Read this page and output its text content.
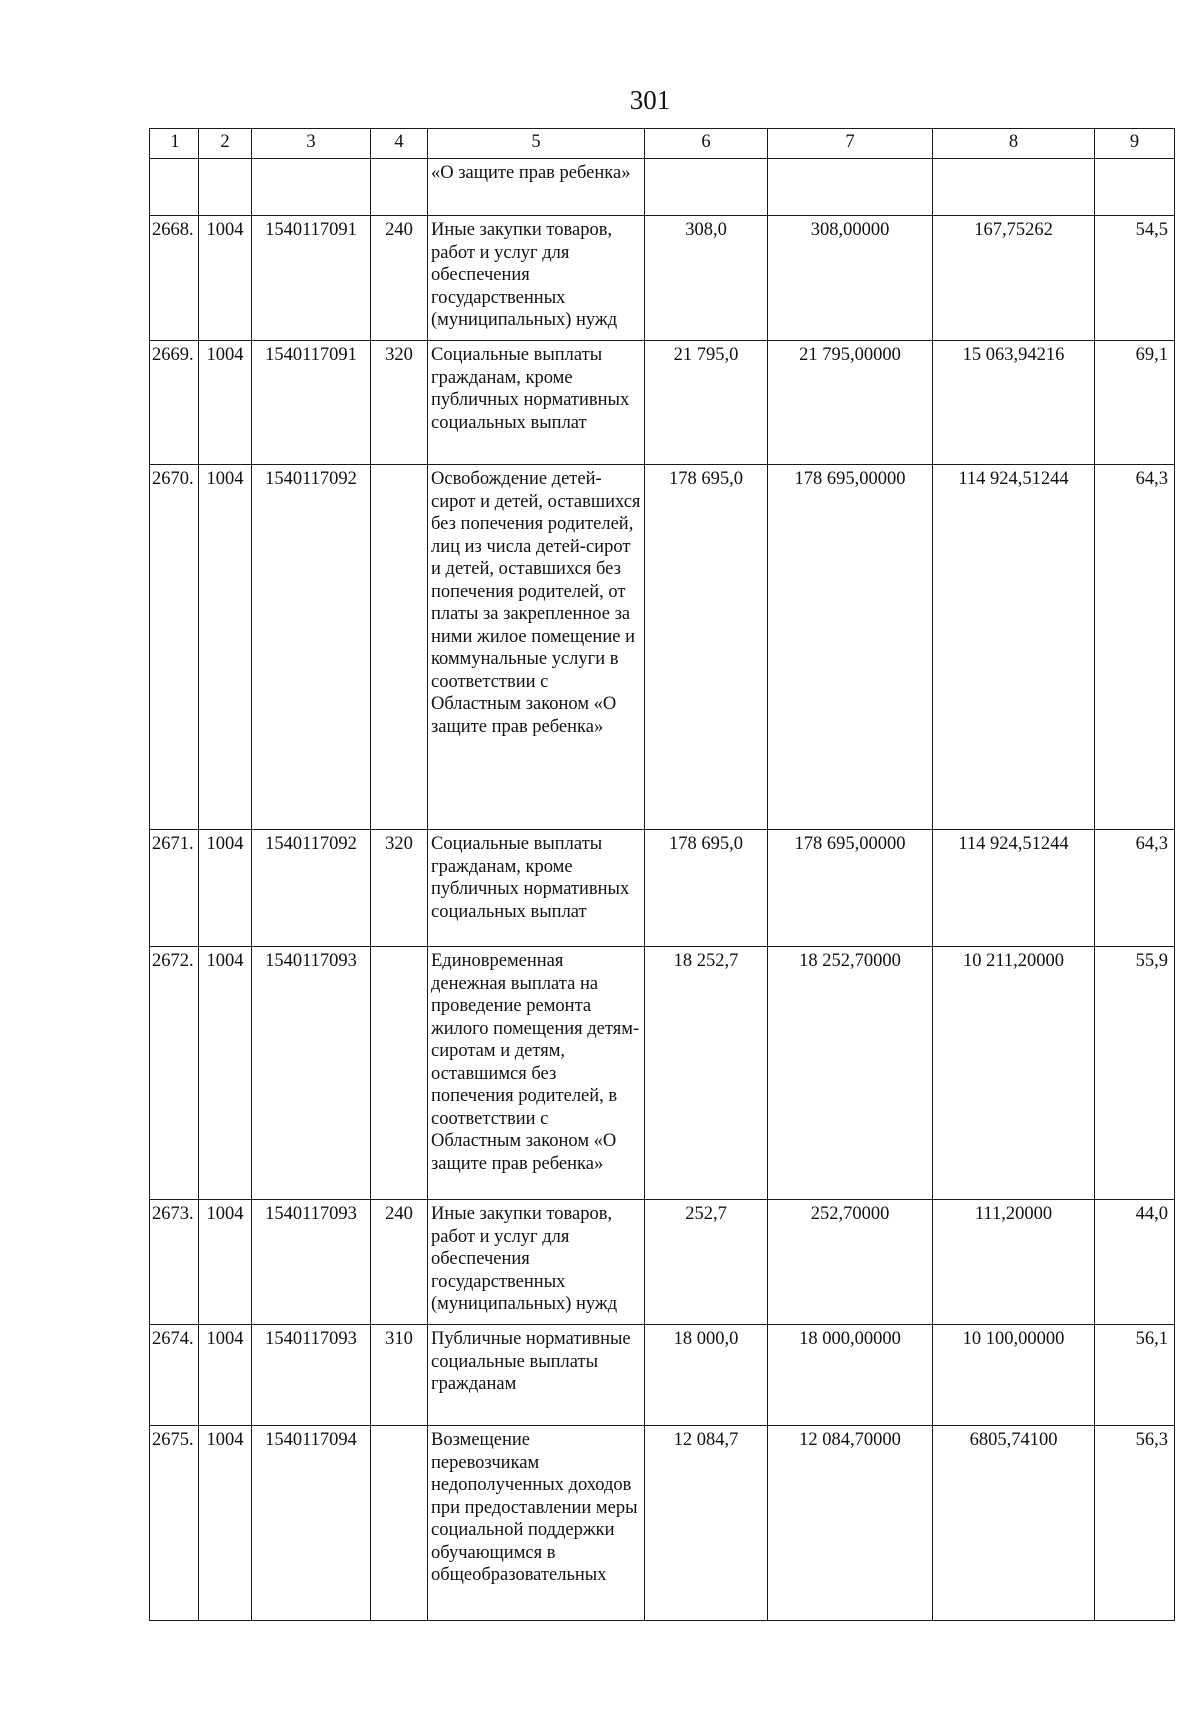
301
1	2	3	4	5	6	7	8	9
				«О защите прав ребенка»				
2668.	1004	1540117091	240	Иные закупки товаров, работ и услуг для обеспечения государственных (муниципальных) нужд	308,0	308,00000	167,75262	54,5
2669.	1004	1540117091	320	Социальные выплаты гражданам, кроме публичных нормативных социальных выплат	21 795,0	21 795,00000	15 063,94216	69,1
2670.	1004	1540117092		Освобождение детей-сирот и детей, оставшихся без попечения родителей, лиц из числа детей-сирот и детей, оставшихся без попечения родителей, от платы за закрепленное за ними жилое помещение и коммунальные услуги в соответствии с Областным законом «О защите прав ребенка»	178 695,0	178 695,00000	114 924,51244	64,3
2671.	1004	1540117092	320	Социальные выплаты гражданам, кроме публичных нормативных социальных выплат	178 695,0	178 695,00000	114 924,51244	64,3
2672.	1004	1540117093		Единовременная денежная выплата на проведение ремонта жилого помещения детям-сиротам и детям, оставшимся без попечения родителей, в соответствии с Областным законом «О защите прав ребенка»	18 252,7	18 252,70000	10 211,20000	55,9
2673.	1004	1540117093	240	Иные закупки товаров, работ и услуг для обеспечения государственных (муниципальных) нужд	252,7	252,70000	111,20000	44,0
2674.	1004	1540117093	310	Публичные нормативные социальные выплаты гражданам	18 000,0	18 000,00000	10 100,00000	56,1
2675.	1004	1540117094		Возмещение перевозчикам недополученных доходов при предоставлении меры социальной поддержки обучающимся в общеобразовательных	12 084,7	12 084,70000	6805,74100	56,3
